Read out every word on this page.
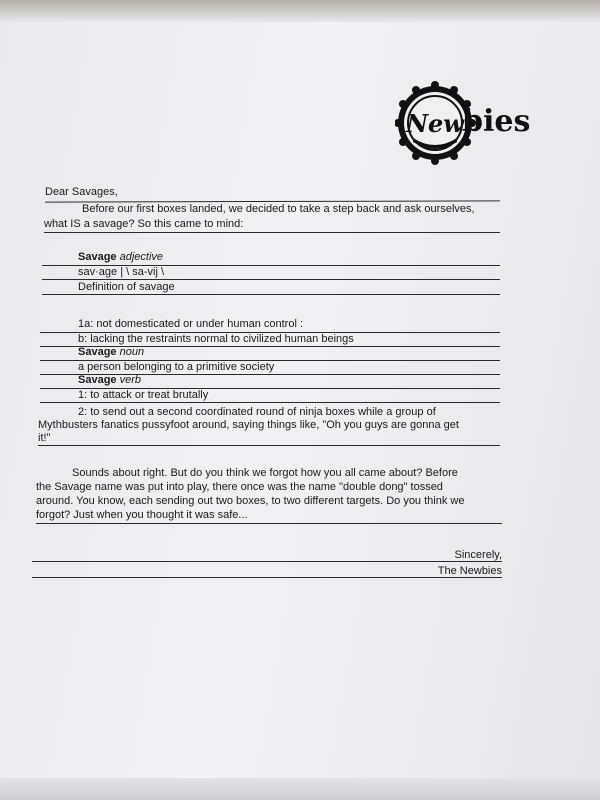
New
bies
Dear Savages,
Before our first boxes landed, we decided to take a step back and ask ourselves,
what IS a savage? So this came to mind:
Savage adjective
sav·age | \ sa-vij \
Definition of savage
1a: not domesticated or under human control :
b: lacking the restraints normal to civilized human beings
Savage noun
a person belonging to a primitive society
Savage verb
1: to attack or treat brutally
2: to send out a second coordinated round of ninja boxes while a group of
Mythbusters fanatics pussyfoot around, saying things like, "Oh you guys are gonna get
it!"
Sounds about right. But do you think we forgot how you all came about? Before
the Savage name was put into play, there once was the name "double dong" tossed
around. You know, each sending out two boxes, to two different targets. Do you think we
forgot? Just when you thought it was safe...
Sincerely,
The Newbies
